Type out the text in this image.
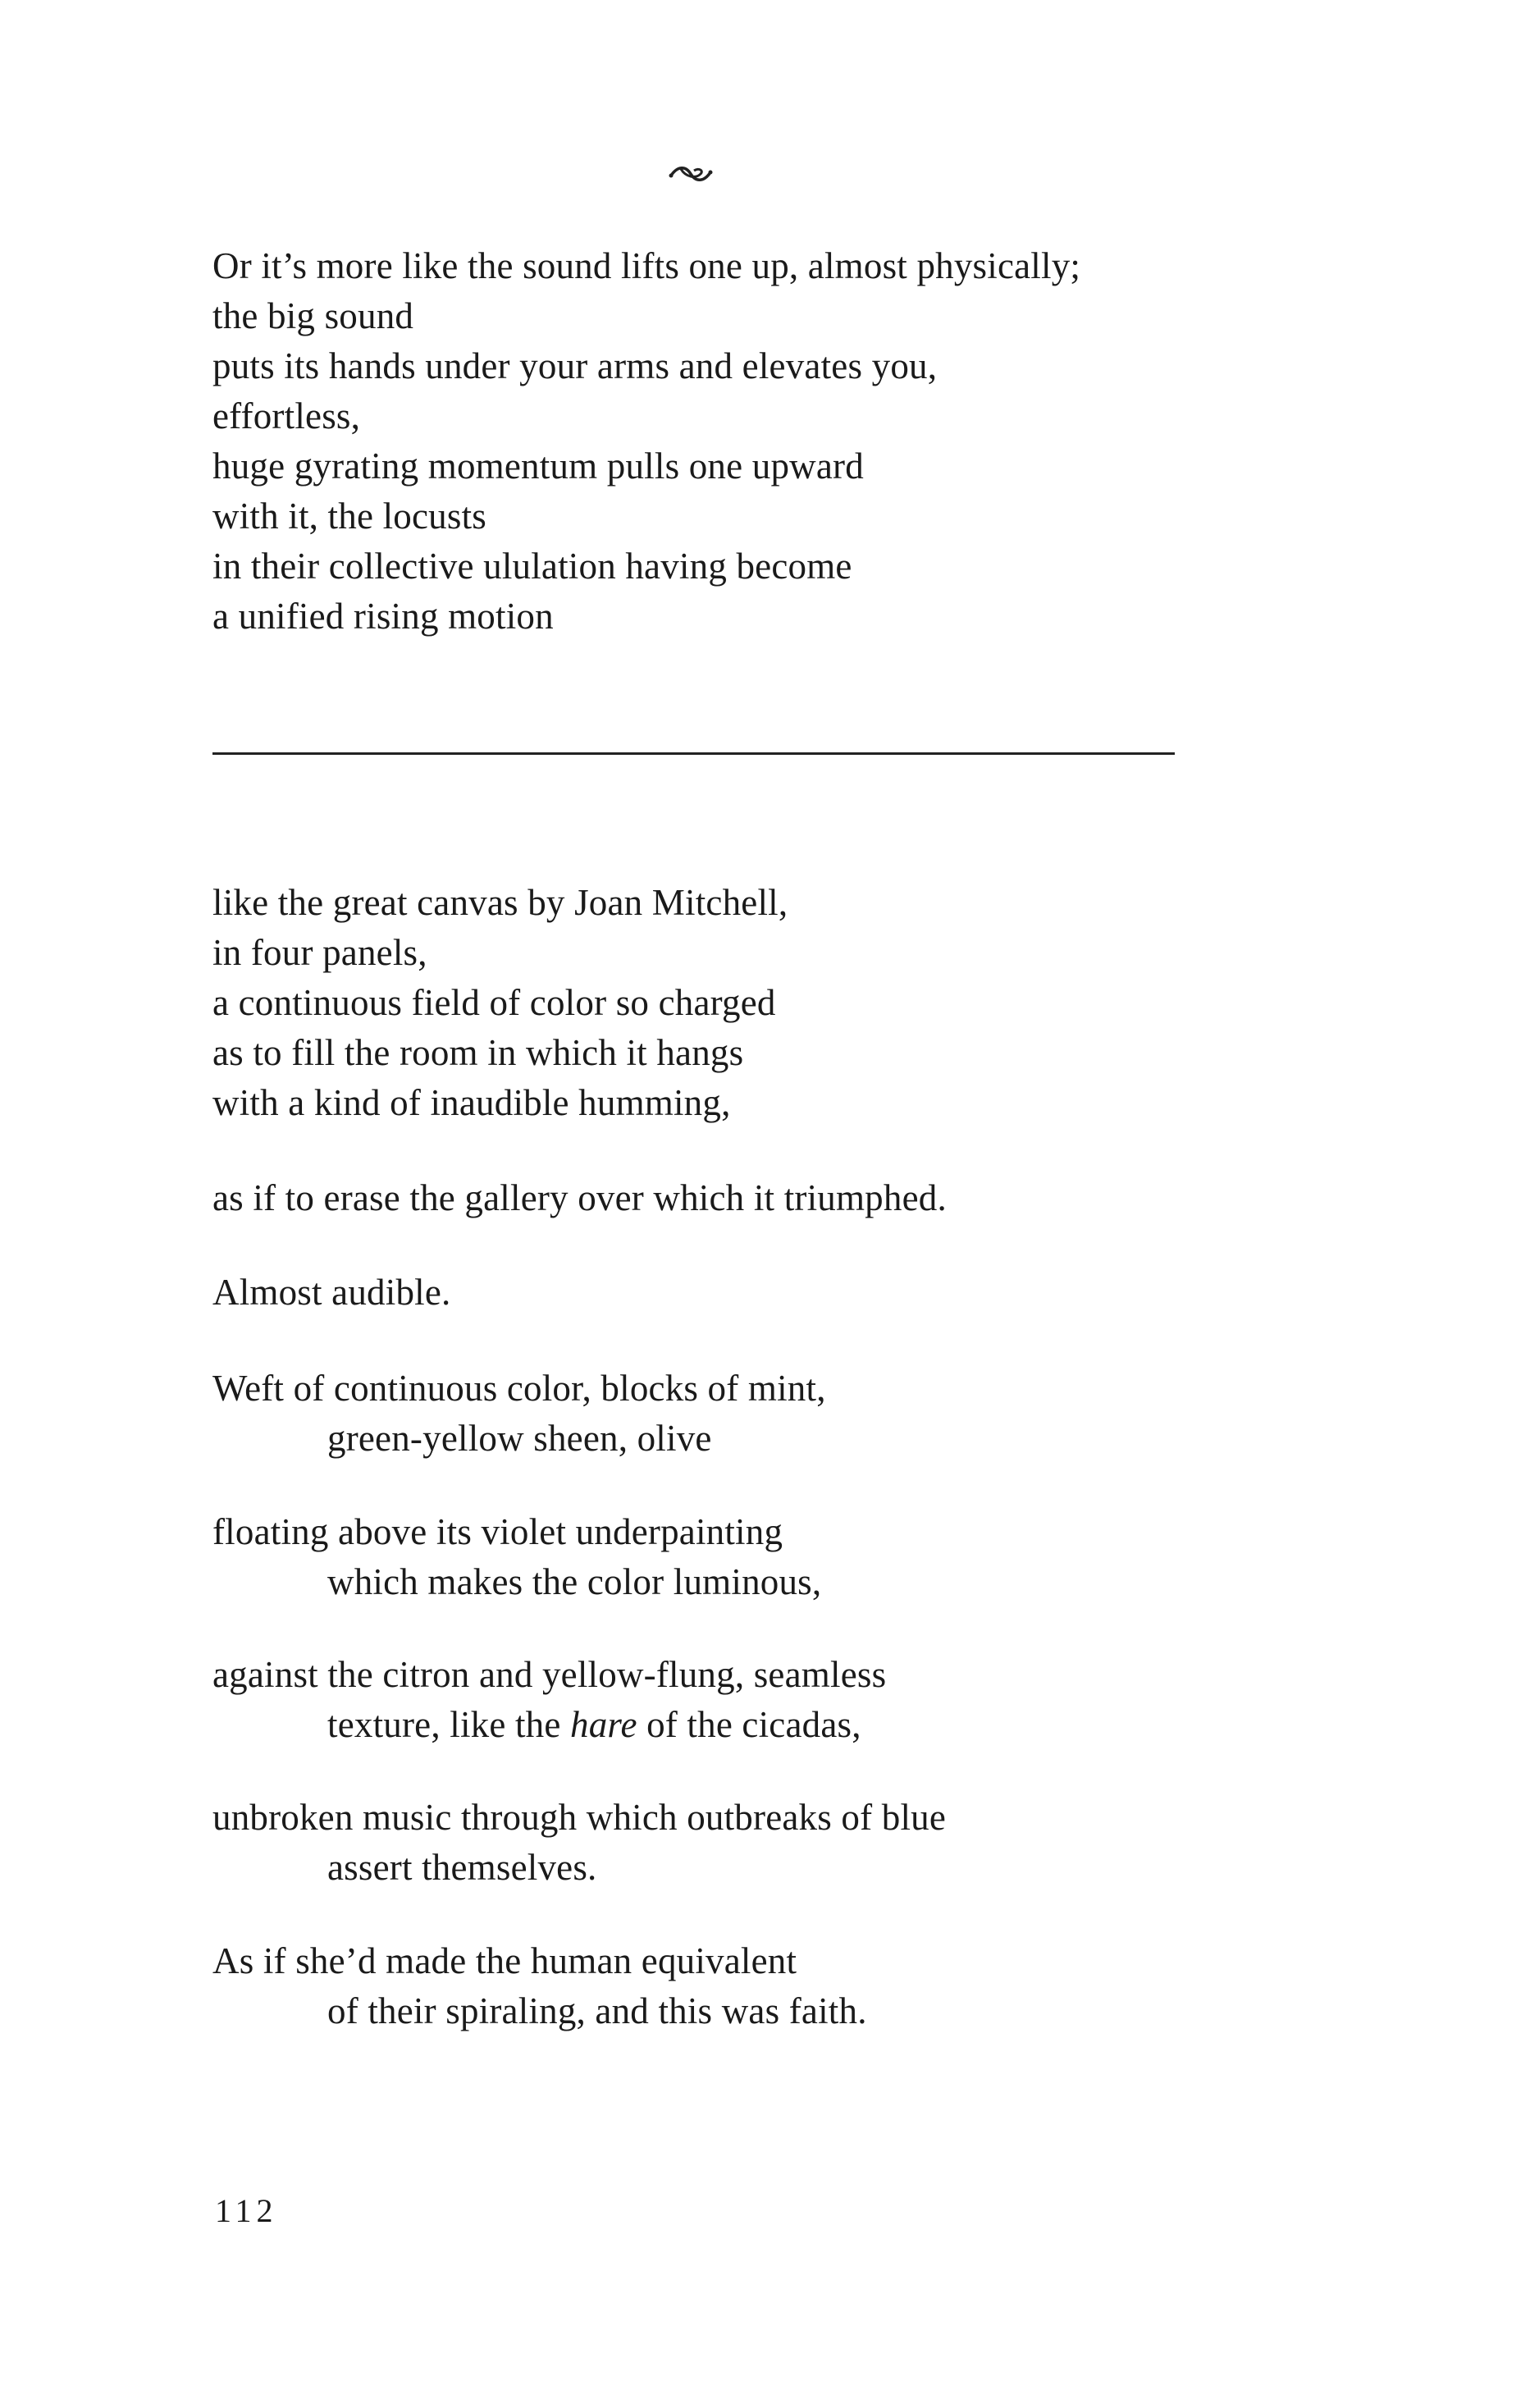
Or it’s more like the sound lifts one up, almost physically;
the big sound
puts its hands under your arms and elevates you,
effortless,
huge gyrating momentum pulls one upward
with it, the locusts
in their collective ululation having become
a unified rising motion
like the great canvas by Joan Mitchell,
in four panels,
a continuous field of color so charged
as to fill the room in which it hangs
with a kind of inaudible humming,
as if to erase the gallery over which it triumphed.
Almost audible.
Weft of continuous color, blocks of mint,
green-yellow sheen, olive
floating above its violet underpainting
which makes the color luminous,
against the citron and yellow-flung, seamless
texture, like the hare of the cicadas,
unbroken music through which outbreaks of blue
assert themselves.
As if she’d made the human equivalent
of their spiraling, and this was faith.
112
